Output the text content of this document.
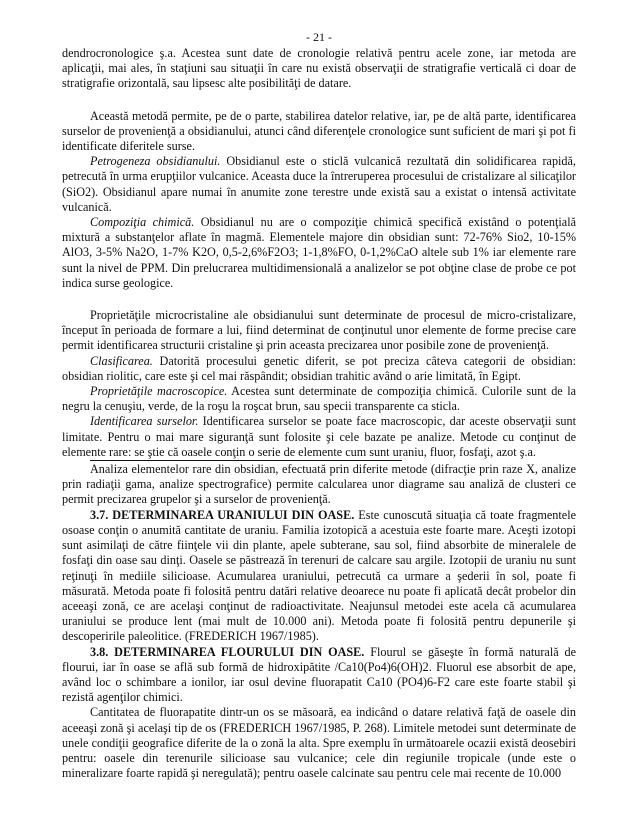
- 21 -

dendrocronologice ş.a. Acestea sunt date de cronologie relativă pentru acele zone, iar metoda are aplicaţii, mai ales, în staţiuni sau situaţii în care nu există observaţii de stratigrafie verticală ci doar de stratigrafie orizontală, sau lipsesc alte posibilităţi de datare.

Această metodă permite, pe de o parte, stabilirea datelor relative, iar, pe de altă parte, identificarea surselor de provenienţă a obsidianului, atunci când diferenţele cronologice sunt suficient de mari şi pot fi identificate diferitele surse.

Petrogeneza obsidianului. Obsidianul este o sticlă vulcanică rezultată din solidificarea rapidă, petrecută în urma erupţiilor vulcanice. Aceasta duce la întreruperea procesului de cristalizare al silicaţilor (SiO2). Obsidianul apare numai în anumite zone terestre unde există sau a existat o intensă activitate vulcanică.

Compoziţia chimică. Obsidianul nu are o compoziţie chimică specifică existând o potenţială mixtură a substanţelor aflate în magmă. Elementele majore din obsidian sunt: 72-76% Sio2, 10-15% AlO3, 3-5% Na2O, 1-7% K2O, 0,5-2,6%F2O3; 1-1,8%FO, 0-1,2%CaO altele sub 1% iar elemente rare sunt la nivel de PPM. Din prelucrarea multidimensională a analizelor se pot obţine clase de probe ce pot indica surse geologice.

Proprietăţile microcristaline ale obsidianului sunt determinate de procesul de micro-cristalizare, început în perioada de formare a lui, fiind determinat de conţinutul unor elemente de forme precise care permit identificarea structurii cristaline şi prin aceasta precizarea unor posibile zone de provenienţă.

Clasificarea. Datorită procesului genetic diferit, se pot preciza câteva categorii de obsidian: obsidian riolitic, care este şi cel mai răspândit; obsidian trahitic având o arie limitată, în Egipt.

Proprietăţile macroscopice. Acestea sunt determinate de compoziţia chimică. Culorile sunt de la negru la cenuşiu, verde, de la roşu la roşcat brun, sau specii transparente ca sticla.

Identificarea surselor. Identificarea surselor se poate face macroscopic, dar aceste observaţii sunt limitate. Pentru o mai mare siguranţă sunt folosite şi cele bazate pe analize. Metode cu conţinut de elemente rare: se ştie că oasele conţin o serie de elemente cum sunt uraniu, fluor, fosfaţi, azot ş.a.

Analiza elementelor rare din obsidian, efectuată prin diferite metode (difracţie prin raze X, analize prin radiaţii gama, analize spectrografice) permite calcularea unor diagrame sau analiză de clusteri ce permit precizarea grupelor şi a surselor de provenienţă.

3.7. DETERMINAREA URANIULUI DIN OASE. Este cunoscută situaţia că toate fragmentele osoase conţin o anumită cantitate de uraniu. Familia izotopică a acestuia este foarte mare. Aceşti izotopi sunt asimilaţi de către fiinţele vii din plante, apele subterane, sau sol, fiind absorbite de mineralele de fosfaţi din oase sau dinţi. Oasele se păstrează în terenuri de calcare sau argile. Izotopii de uraniu nu sunt reţinuţi în mediile silicioase. Acumularea uraniului, petrecută ca urmare a şederii în sol, poate fi măsurată. Metoda poate fi folosită pentru datări relative deoarece nu poate fi aplicată decât probelor din aceeaşi zonă, ce are acelaşi conţinut de radioactivitate. Neajunsul metodei este acela că acumularea uraniului se produce lent (mai mult de 10.000 ani). Metoda poate fi folosită pentru depunerile şi descoperirile paleolitice. (FREDERICH 1967/1985).

3.8. DETERMINAREA FLOURULUI DIN OASE. Flourul se găseşte în formă naturală de flourui, iar în oase se află sub formă de hidroxipătite /Ca10(Po4)6(OH)2. Fluorul ese absorbit de ape, având loc o schimbare a ionilor, iar osul devine fluorapatit Ca10 (PO4)6-F2 care este foarte stabil şi rezistă agenţilor chimici.

Cantitatea de fluorapatite dintr-un os se măsoară, ea indicând o datare relativă faţă de oasele din aceeaşi zonă şi acelaşi tip de os (FREDERICH 1967/1985, P. 268). Limitele metodei sunt determinate de unele condiţii geografice diferite de la o zonă la alta. Spre exemplu în următoarele ocazii există deosebiri pentru: oasele din terenurile silicioase sau vulcanice; cele din regiunile tropicale (unde este o mineralizare foarte rapidă şi neregulată); pentru oasele calcinate sau pentru cele mai recente de 10.000
